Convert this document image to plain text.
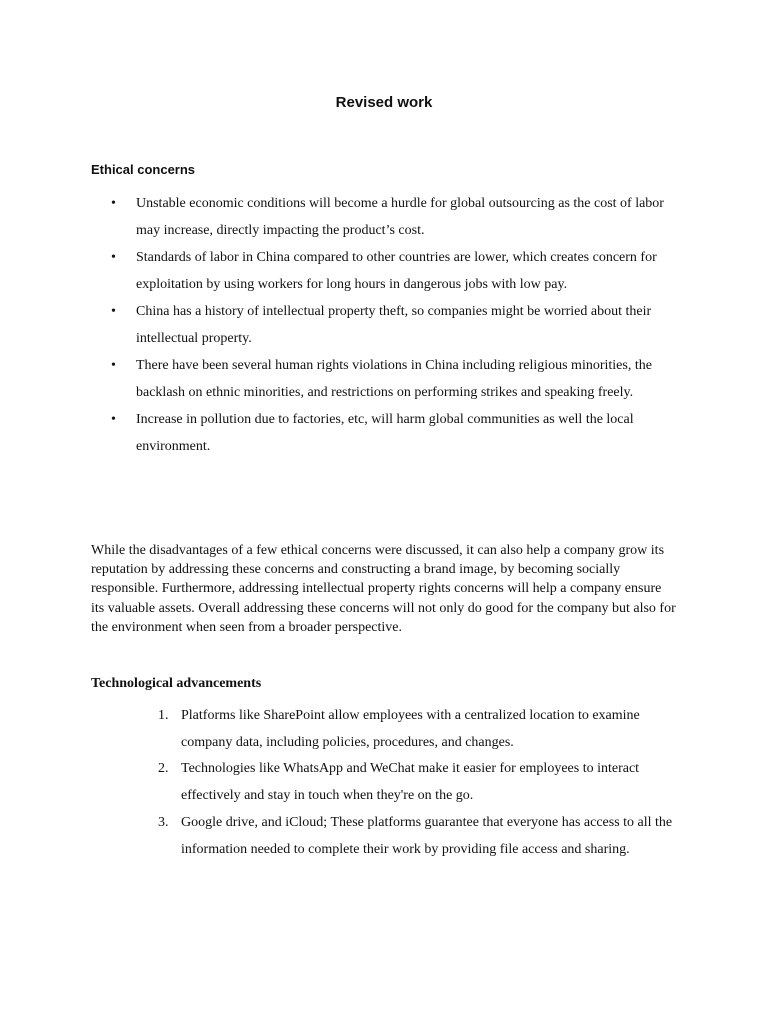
Revised work
Ethical concerns
• Unstable economic conditions will become a hurdle for global outsourcing as the cost of labor may increase, directly impacting the product’s cost.
• Standards of labor in China compared to other countries are lower, which creates concern for exploitation by using workers for long hours in dangerous jobs with low pay.
• China has a history of intellectual property theft, so companies might be worried about their intellectual property.
• There have been several human rights violations in China including religious minorities, the backlash on ethnic minorities, and restrictions on performing strikes and speaking freely.
• Increase in pollution due to factories, etc, will harm global communities as well the local environment.

While the disadvantages of a few ethical concerns were discussed, it can also help a company grow its reputation by addressing these concerns and constructing a brand image, by becoming socially responsible. Furthermore, addressing intellectual property rights concerns will help a company ensure its valuable assets. Overall addressing these concerns will not only do good for the company but also for the environment when seen from a broader perspective.

Technological advancements
1. Platforms like SharePoint allow employees with a centralized location to examine company data, including policies, procedures, and changes.
2. Technologies like WhatsApp and WeChat make it easier for employees to interact effectively and stay in touch when they're on the go.
3. Google drive, and iCloud; These platforms guarantee that everyone has access to all the information needed to complete their work by providing file access and sharing.
